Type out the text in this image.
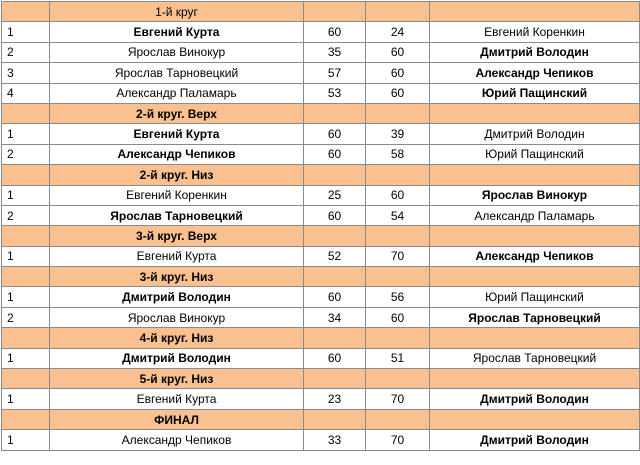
	1-й круг			
1	Евгений Курта	60	24	Евгений Коренкин
2	Ярослав Винокур	35	60	Дмитрий Володин
3	Ярослав Тарновецкий	57	60	Александр Чепиков
4	Александр Паламарь	53	60	Юрий Пащинский
	2-й круг. Верх			
1	Евгений Курта	60	39	Дмитрий Володин
2	Александр Чепиков	60	58	Юрий Пащинский
	2-й круг. Низ			
1	Евгений Коренкин	25	60	Ярослав Винокур
2	Ярослав Тарновецкий	60	54	Александр Паламарь
	3-й круг. Верх			
1	Евгений Курта	52	70	Александр Чепиков
	3-й круг. Низ			
1	Дмитрий Володин	60	56	Юрий Пащинский
2	Ярослав Винокур	34	60	Ярослав Тарновецкий
	4-й круг. Низ			
1	Дмитрий Володин	60	51	Ярослав Тарновецкий
	5-й круг. Низ			
1	Евгений Курта	23	70	Дмитрий Володин
	ФИНАЛ			
1	Александр Чепиков	33	70	Дмитрий Володин
